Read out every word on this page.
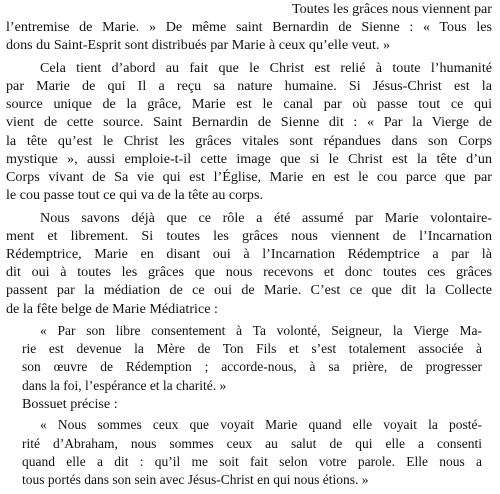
Toutes les grâces nous viennent par
l’entremise de Marie. » De même saint Bernardin de Sienne : « Tous les
dons du Saint-Esprit sont distribués par Marie à ceux qu’elle veut. »
Cela tient d’abord au fait que le Christ est relié à toute l’humanité
par Marie de qui Il a reçu sa nature humaine. Si Jésus-Christ est la
source unique de la grâce, Marie est le canal par où passe tout ce qui
vient de cette source. Saint Bernardin de Sienne dit : « Par la Vierge de
la tête qu’est le Christ les grâces vitales sont répandues dans son Corps
mystique », aussi emploie-t-il cette image que si le Christ est la tête d’un
Corps vivant de Sa vie qui est l’Église, Marie en est le cou parce que par
le cou passe tout ce qui va de la tête au corps.
Nous savons déjà que ce rôle a été assumé par Marie volontaire-
ment et librement. Si toutes les grâces nous viennent de l’Incarnation
Rédemptrice, Marie en disant oui à l’Incarnation Rédemptrice a par là
dit oui à toutes les grâces que nous recevons et donc toutes ces grâces
passent par la médiation de ce oui de Marie. C’est ce que dit la Collecte
de la fête belge de Marie Médiatrice :
« Par son libre consentement à Ta volonté, Seigneur, la Vierge Ma-
rie est devenue la Mère de Ton Fils et s’est totalement associée à
son œuvre de Rédemption ; accorde-nous, à sa prière, de progresser
dans la foi, l’espérance et la charité. »
Bossuet précise :
« Nous sommes ceux que voyait Marie quand elle voyait la posté-
rité d’Abraham, nous sommes ceux au salut de qui elle a consenti
quand elle a dit : qu’il me soit fait selon votre parole. Elle nous a
tous portés dans son sein avec Jésus-Christ en qui nous étions. »
